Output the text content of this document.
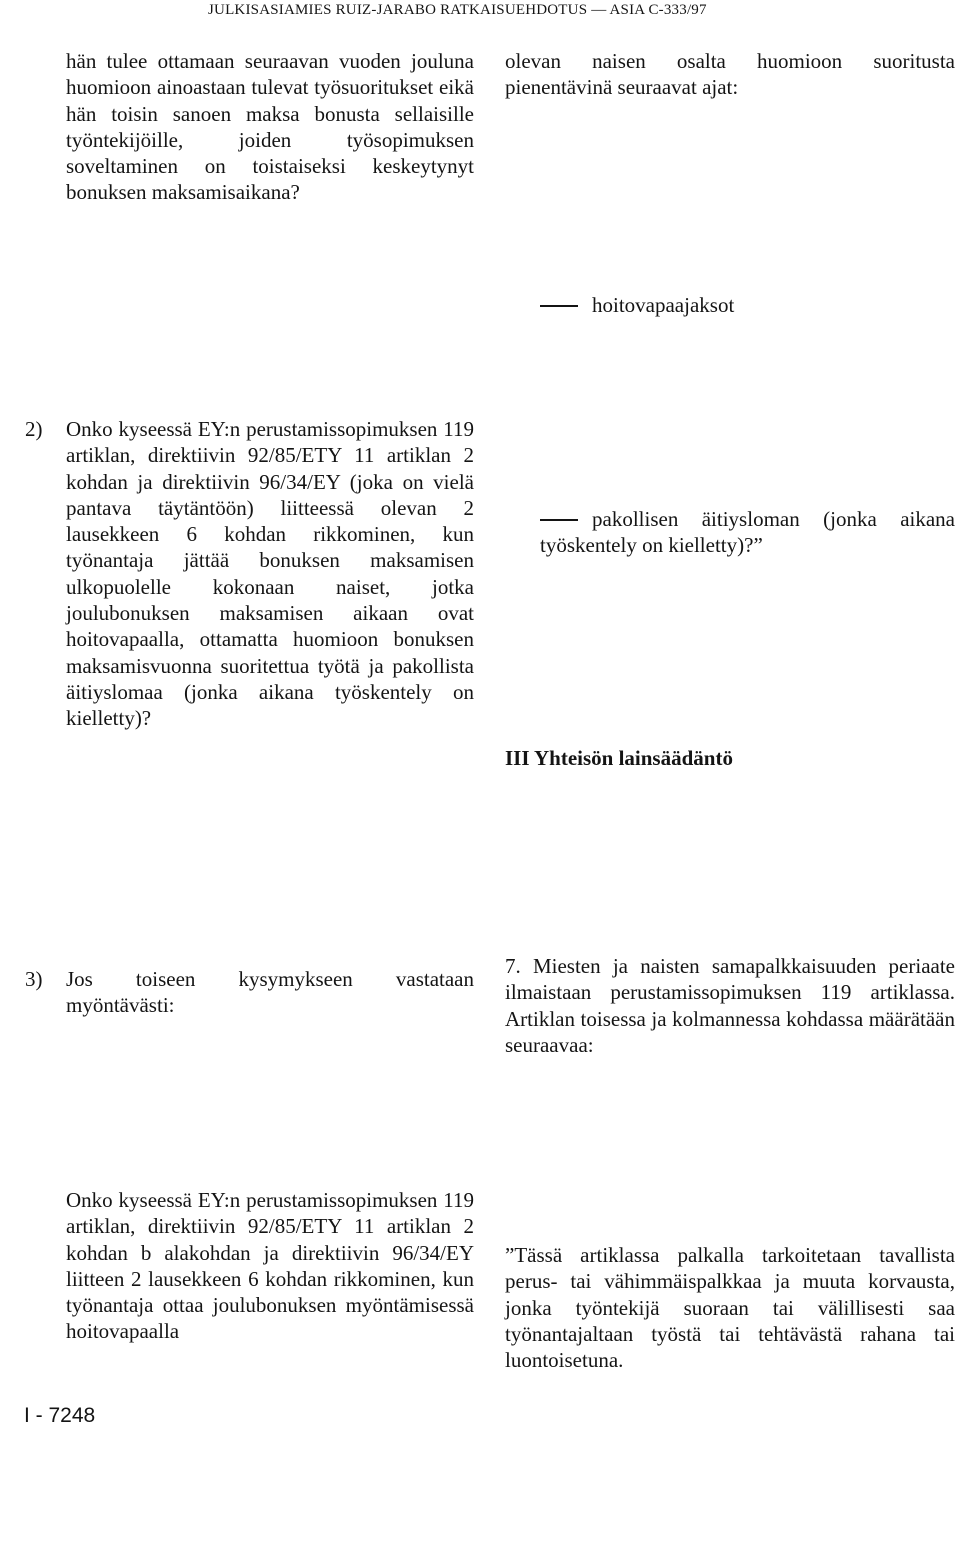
JULKISASIAMIES RUIZ-JARABO RATKAISUEHDOTUS — ASIA C-333/97

hän tulee ottamaan seuraavan vuoden jouluna huomioon ainoastaan tulevat työsuoritukset eikä hän toisin sanoen maksa bonusta sellaisille työntekijöille, joiden työsopimuksen soveltaminen on toistaiseksi keskeytynyt bonuksen maksamisaikana?

2) Onko kyseessä EY:n perustamissopimuksen 119 artiklan, direktiivin 92/85/ETY 11 artiklan 2 kohdan ja direktiivin 96/34/EY (joka on vielä pantava täytäntöön) liitteessä olevan 2 lausekkeen 6 kohdan rikkominen, kun työnantaja jättää bonuksen maksamisen ulkopuolelle kokonaan naiset, jotka joulubonuksen maksamisen aikaan ovat hoitovapaalla, ottamatta huomioon bonuksen maksamisvuonna suoritettua työtä ja pakollista äitiyslomaa (jonka aikana työskentely on kielletty)?

3) Jos toiseen kysymykseen vastataan myöntävästi:

Onko kyseessä EY:n perustamissopimuksen 119 artiklan, direktiivin 92/85/ETY 11 artiklan 2 kohdan b alakohdan ja direktiivin 96/34/EY liitteen 2 lausekkeen 6 kohdan rikkominen, kun työnantaja ottaa joulubonuksen myöntämisessä hoitovapaalla

olevan naisen osalta huomioon suoritusta pienentävinä seuraavat ajat:

hoitovapaajaksot
pakollisen äitiysloman (jonka aikana työskentely on kielletty)?”
III Yhteisön lainsäädäntö

7. Miesten ja naisten samapalkkaisuuden periaate ilmaistaan perustamissopimuksen 119 artiklassa. Artiklan toisessa ja kolmannessa kohdassa määrätään seuraavaa:

”Tässä artiklassa palkalla tarkoitetaan tavallista perus- tai vähimmäispalkkaa ja muuta korvausta, jonka työntekijä suoraan tai välillisesti saa työnantajaltaan työstä tai tehtävästä rahana tai luontoisetuna.

I - 7248
